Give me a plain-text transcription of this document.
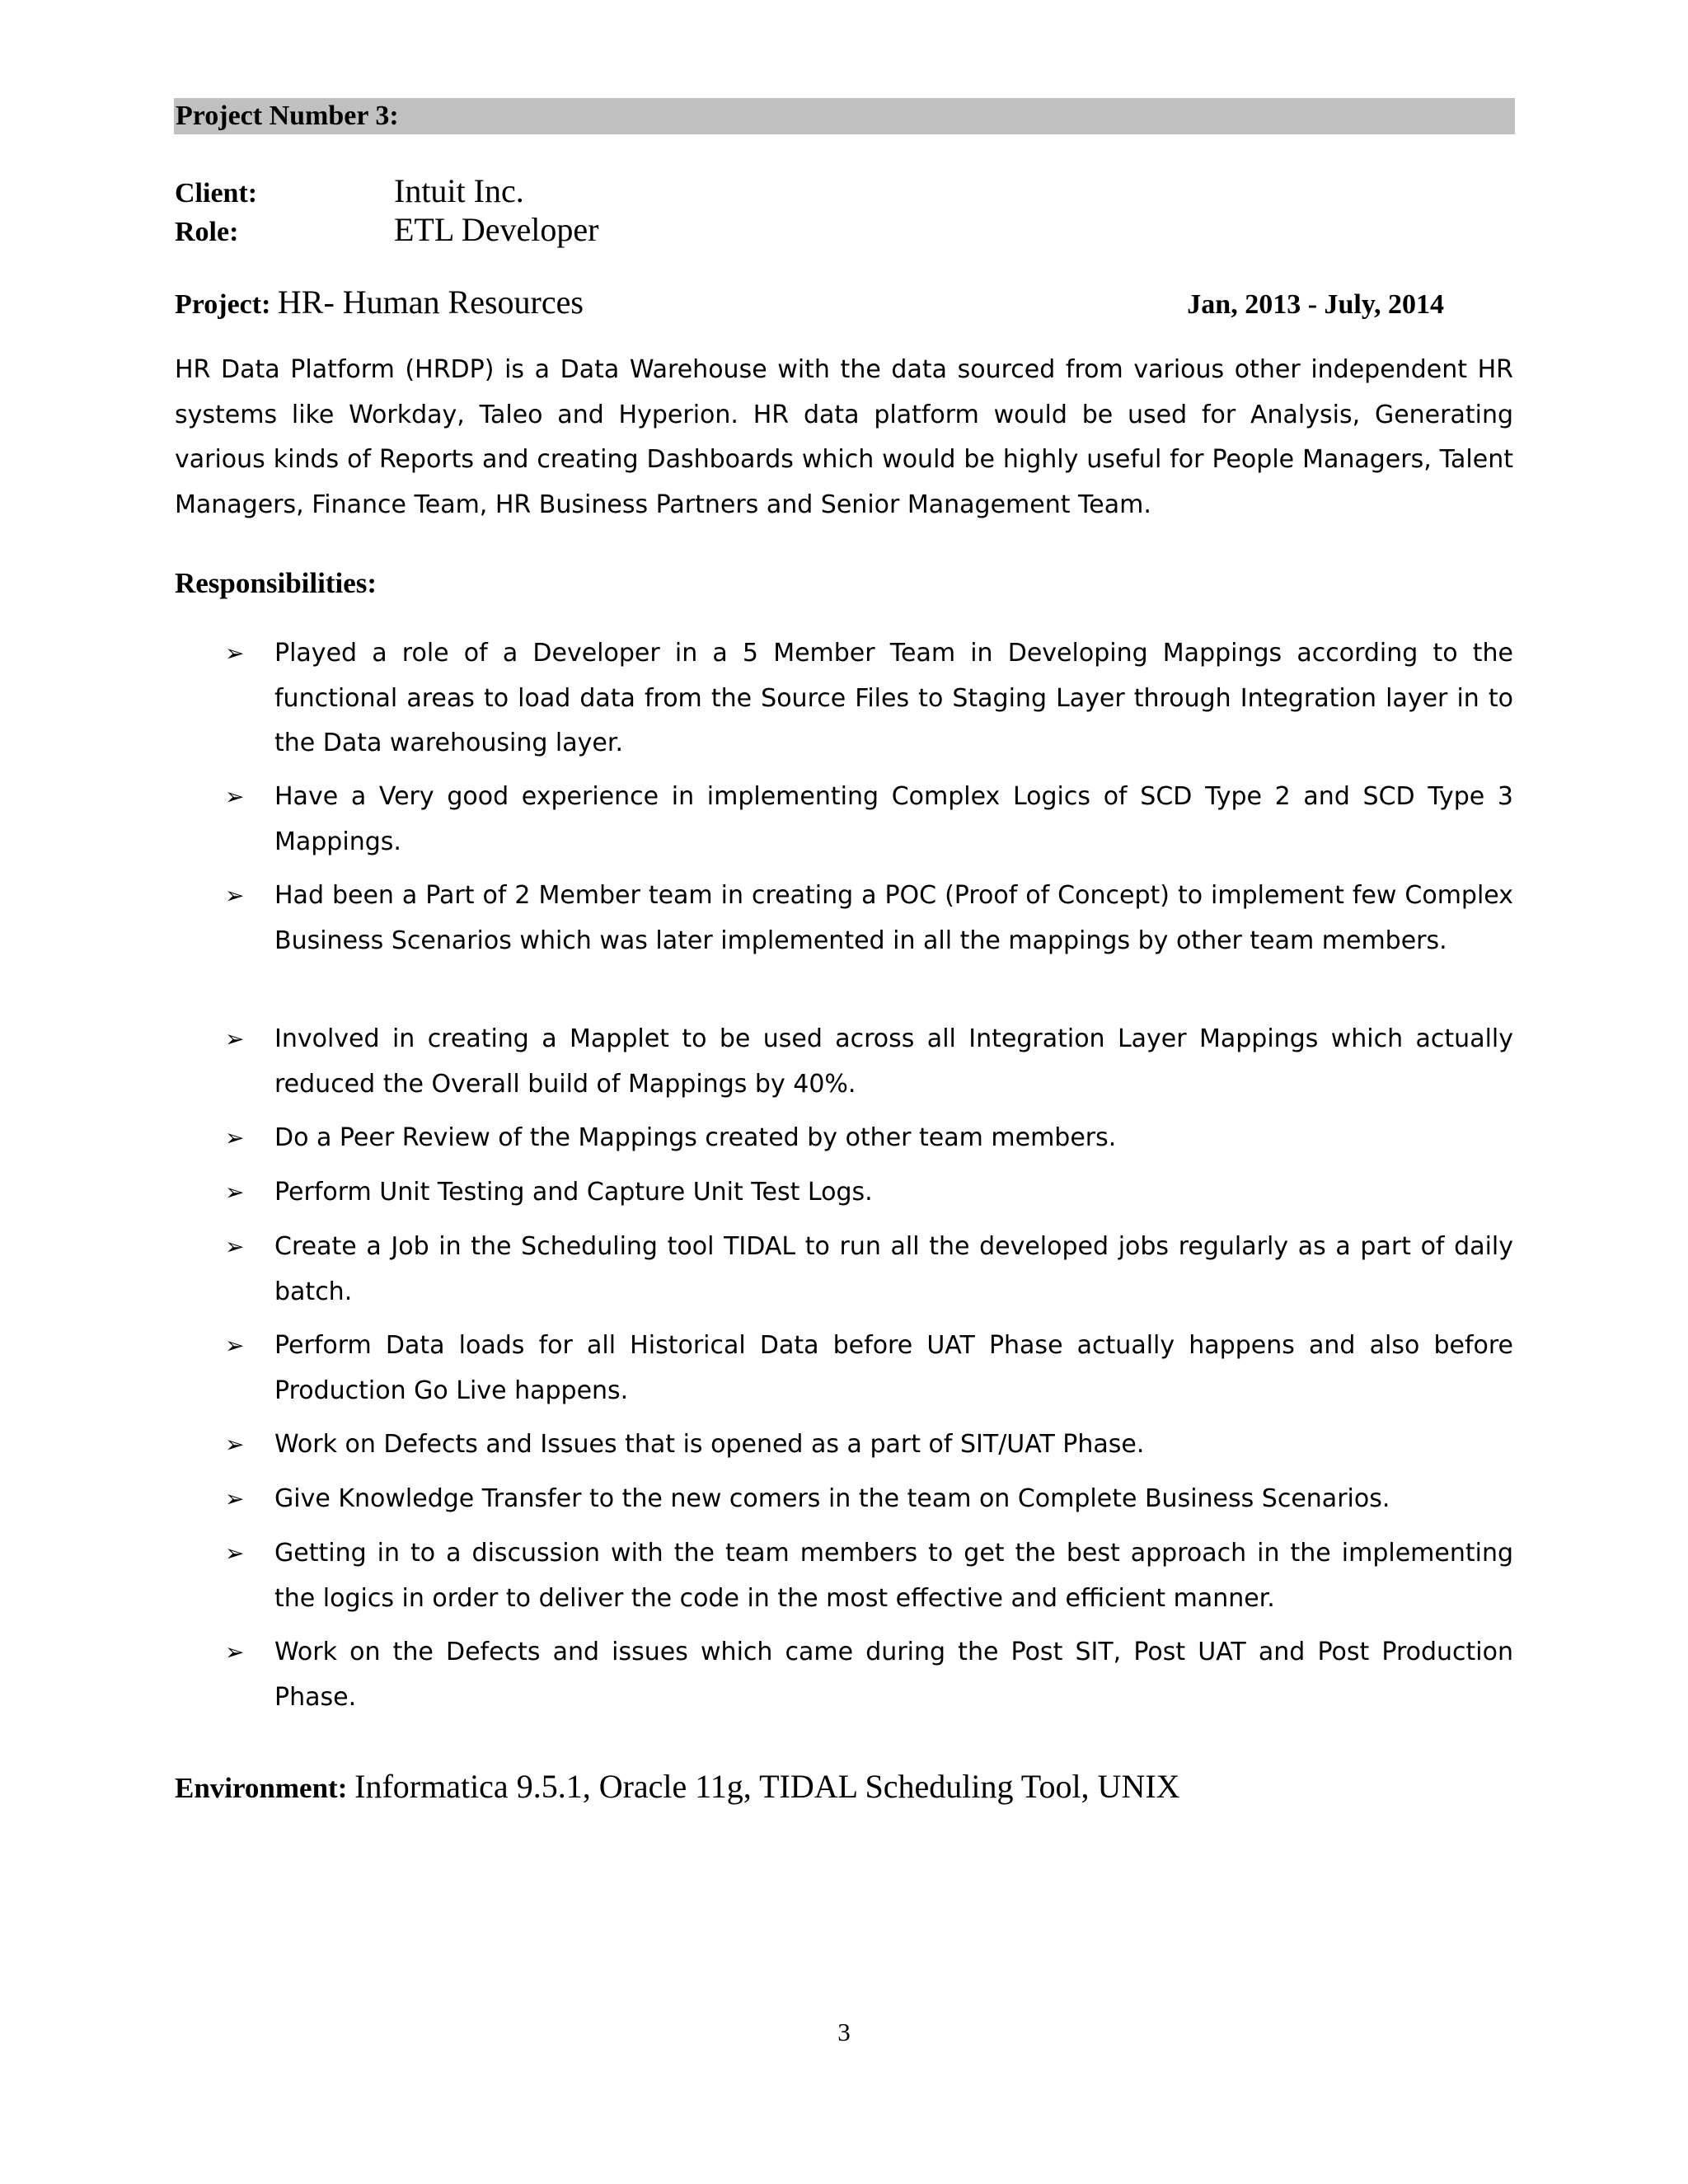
Project Number 3:
Client:	Intuit Inc.
Role:	ETL Developer
Project: HR- Human Resources	Jan, 2013 - July, 2014

HR Data Platform (HRDP) is a Data Warehouse with the data sourced from various other independent HR systems like Workday, Taleo and Hyperion. HR data platform would be used for Analysis, Generating various kinds of Reports and creating Dashboards which would be highly useful for People Managers, Talent Managers, Finance Team, HR Business Partners and Senior Management Team.

Responsibilities:
➢	Played a role of a Developer in a 5 Member Team in Developing Mappings according to the functional areas to load data from the Source Files to Staging Layer through Integration layer in to the Data warehousing layer.
➢	Have a Very good experience in implementing Complex Logics of SCD Type 2 and SCD Type 3 Mappings.
➢	Had been a Part of 2 Member team in creating a POC (Proof of Concept) to implement few Complex Business Scenarios which was later implemented in all the mappings by other team members.
➢	Involved in creating a Mapplet to be used across all Integration Layer Mappings which actually reduced the Overall build of Mappings by 40%.
➢	Do a Peer Review of the Mappings created by other team members.
➢	Perform Unit Testing and Capture Unit Test Logs.
➢	Create a Job in the Scheduling tool TIDAL to run all the developed jobs regularly as a part of daily batch.
➢	Perform Data loads for all Historical Data before UAT Phase actually happens and also before Production Go Live happens.
➢	Work on Defects and Issues that is opened as a part of SIT/UAT Phase.
➢	Give Knowledge Transfer to the new comers in the team on Complete Business Scenarios.
➢	Getting in to a discussion with the team members to get the best approach in the implementing the logics in order to deliver the code in the most effective and efficient manner.
➢	Work on the Defects and issues which came during the Post SIT, Post UAT and Post Production Phase.
Environment: Informatica 9.5.1, Oracle 11g, TIDAL Scheduling Tool, UNIX
3
